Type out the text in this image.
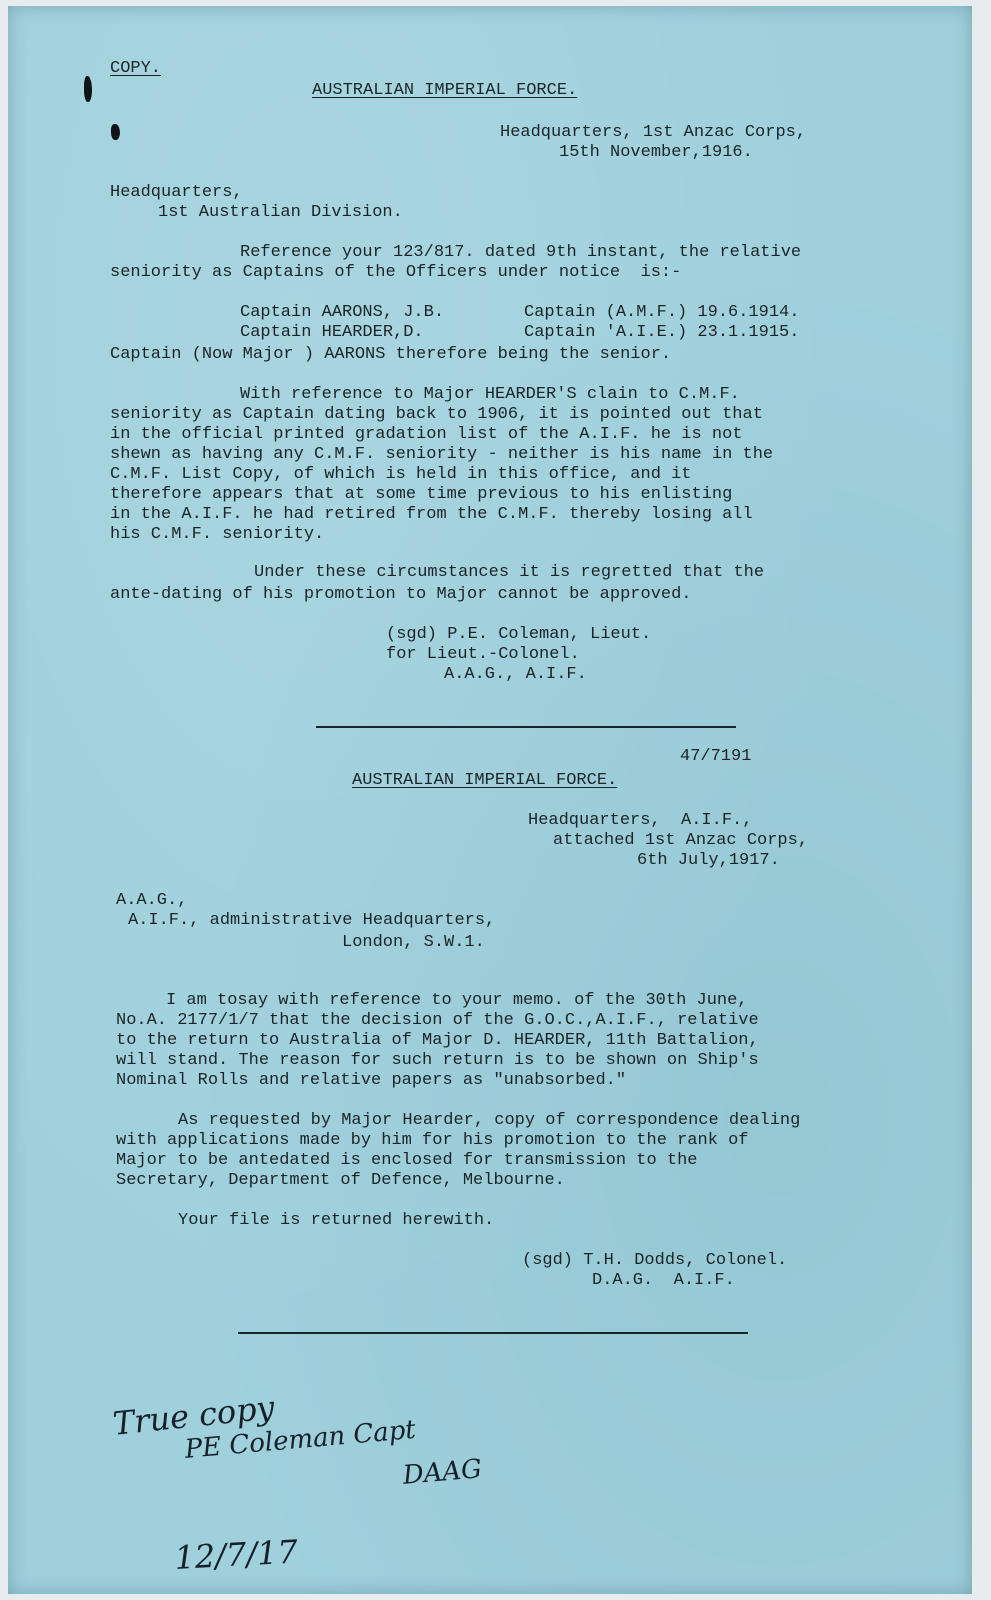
COPY.

AUSTRALIAN IMPERIAL FORCE.

Headquarters, 1st Anzac Corps,

15th November,1916.

Headquarters,

1st Australian Division.

Reference your 123/817. dated 9th instant, the relative

seniority as Captains of the Officers under notice  is:-

Captain AARONS, J.B.	Captain (A.M.F.) 19.6.1914.

Captain HEARDER,D.	Captain 'A.I.E.) 23.1.1915.

Captain (Now Major ) AARONS therefore being the senior.

With reference to Major HEARDER'S clain to C.M.F.

seniority as Captain dating back to 1906, it is pointed out that

in the official printed gradation list of the A.I.F. he is not

shewn as having any C.M.F. seniority - neither is his name in the

C.M.F. List Copy, of which is held in this office, and it

therefore appears that at some time previous to his enlisting

in the A.I.F. he had retired from the C.M.F. thereby losing all

his C.M.F. seniority.

Under these circumstances it is regretted that the

ante-dating of his promotion to Major cannot be approved.

(sgd) P.E. Coleman, Lieut.

for Lieut.-Colonel.

A.A.G., A.I.F.

47/7191

AUSTRALIAN IMPERIAL FORCE.

Headquarters,  A.I.F.,

attached 1st Anzac Corps,

6th July,1917.

A.A.G.,

A.I.F., administrative Headquarters,

London, S.W.1.

I am tosay with reference to your memo. of the 30th June,

No.A. 2177/1/7 that the decision of the G.O.C.,A.I.F., relative

to the return to Australia of Major D. HEARDER, 11th Battalion,

will stand. The reason for such return is to be shown on Ship's

Nominal Rolls and relative papers as "unabsorbed."

As requested by Major Hearder, copy of correspondence dealing

with applications made by him for his promotion to the rank of

Major to be antedated is enclosed for transmission to the

Secretary, Department of Defence, Melbourne.

Your file is returned herewith.

(sgd) T.H. Dodds, Colonel.

D.A.G.  A.I.F.

True copy

PE Coleman Capt

DAAG

12/7/17
